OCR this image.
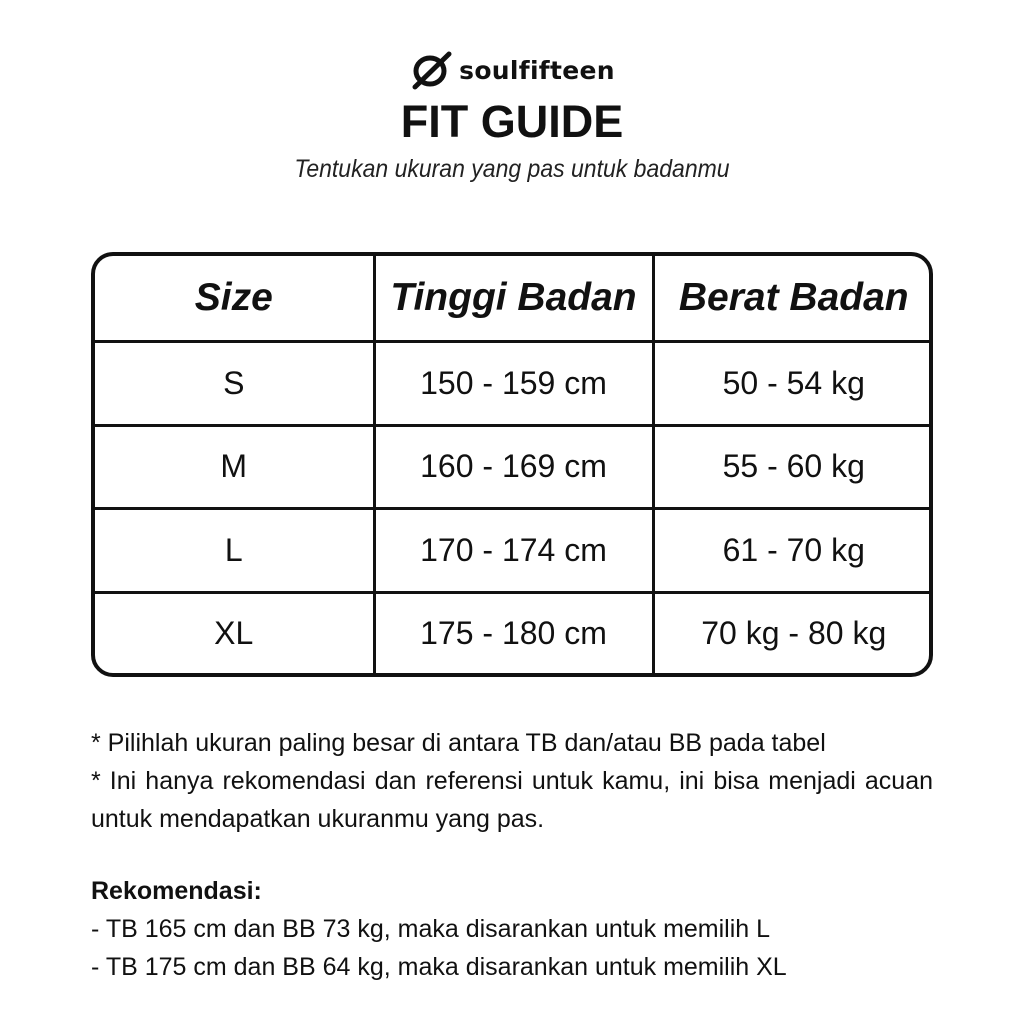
soulfifteen
FIT GUIDE
Tentukan ukuran yang pas untuk badanmu
Size	Tinggi Badan	Berat Badan
S	150 - 159 cm	50 - 54 kg
M	160 - 169 cm	55 - 60 kg
L	170 - 174 cm	61 - 70 kg
XL	175 - 180 cm	70 kg - 80 kg

* Pilihlah ukuran paling besar di antara TB dan/atau BB pada tabel

* Ini hanya rekomendasi dan referensi untuk kamu, ini bisa menjadi acuan untuk mendapatkan ukuranmu yang pas.

Rekomendasi:

- TB 165 cm dan BB 73 kg, maka disarankan untuk memilih L

- TB 175 cm dan BB 64 kg, maka disarankan untuk memilih XL
